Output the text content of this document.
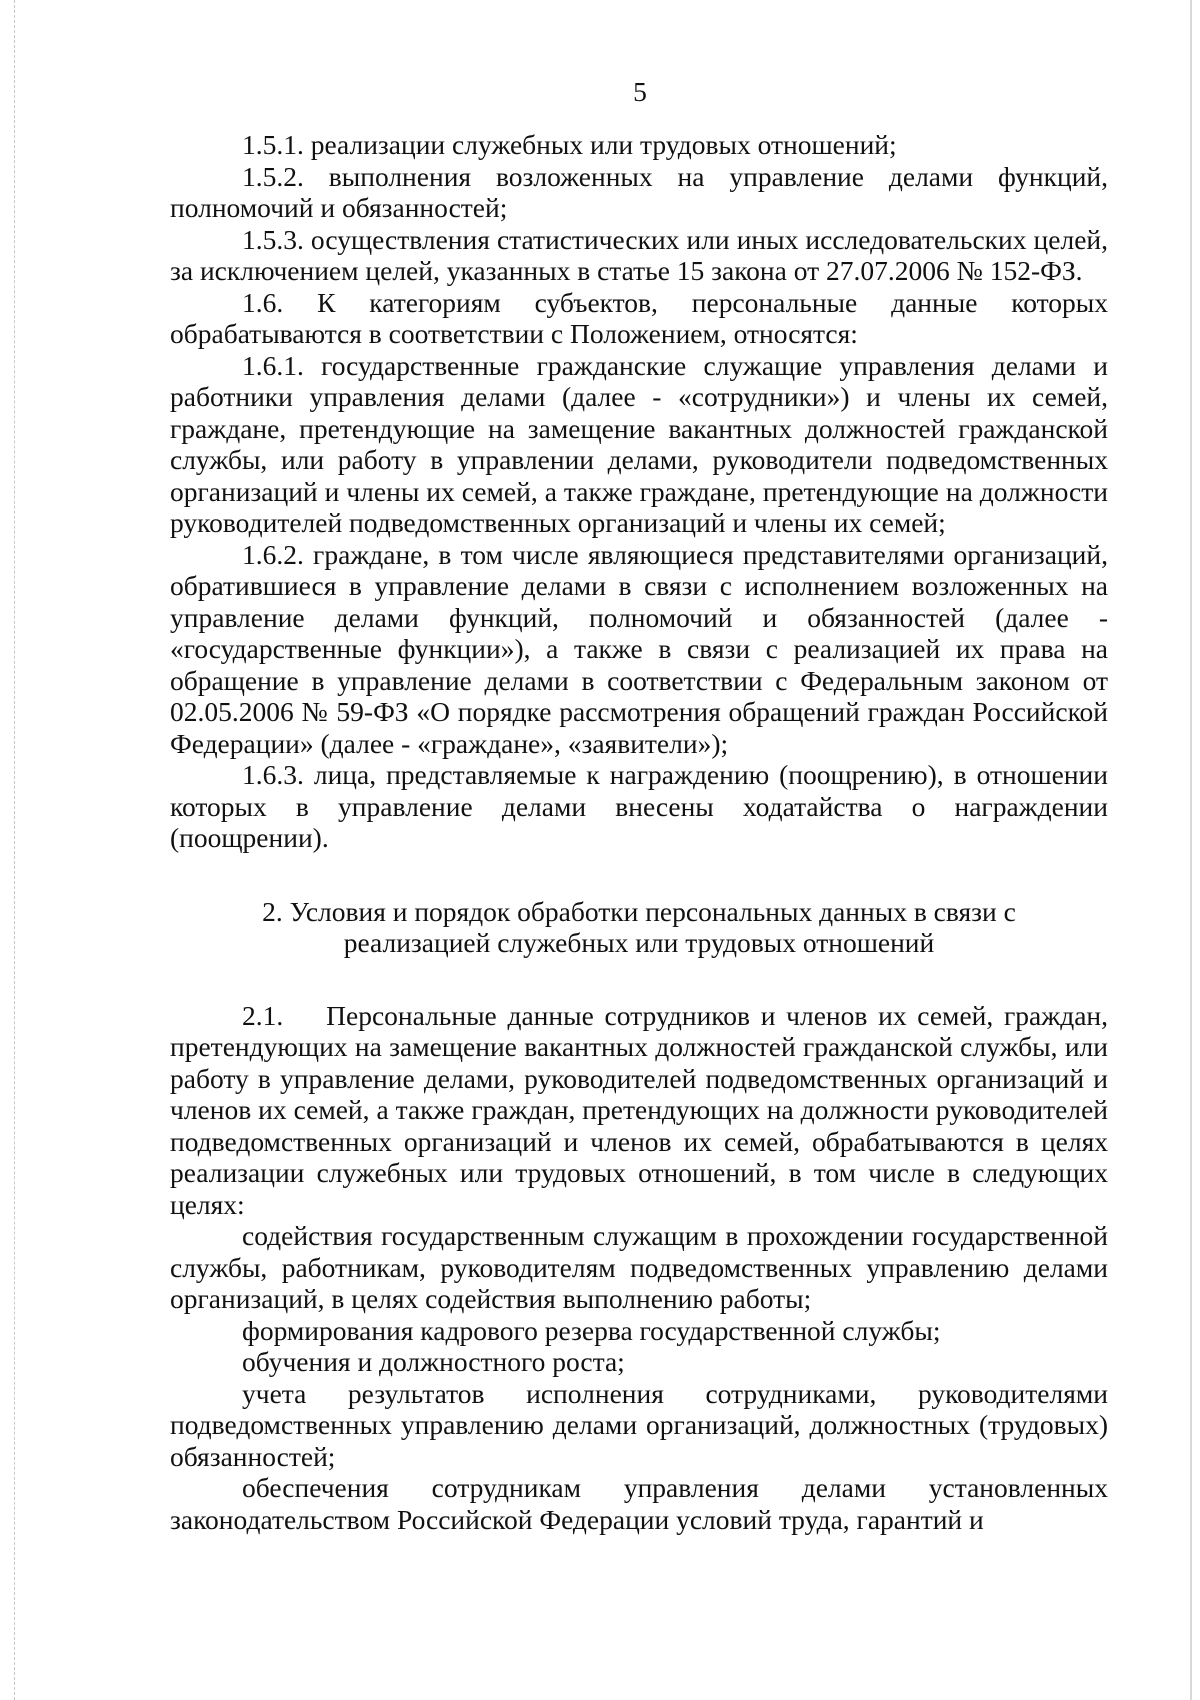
5

1.5.1. реализации служебных или трудовых отношений;

1.5.2. выполнения возложенных на управление делами функций, полномочий и обязанностей;

1.5.3. осуществления статистических или иных исследовательских целей, за исключением целей, указанных в статье 15 закона от 27.07.2006 № 152-ФЗ.

1.6. К категориям субъектов, персональные данные которых обрабатываются в соответствии с Положением, относятся:

1.6.1. государственные гражданские служащие управления делами и работники управления делами (далее - «сотрудники») и члены их семей, граждане, претендующие на замещение вакантных должностей гражданской службы, или работу в управлении делами, руководители подведомственных организаций и члены их семей, а также граждане, претендующие на должности руководителей подведомственных организаций и члены их семей;

1.6.2. граждане, в том числе являющиеся представителями организаций, обратившиеся в управление делами в связи с исполнением возложенных на управление делами функций, полномочий и обязанностей (далее - «государственные функции»), а также в связи с реализацией их права на обращение в управление делами в соответствии с Федеральным законом от 02.05.2006 № 59-ФЗ «О порядке рассмотрения обращений граждан Российской Федерации» (далее - «граждане», «заявители»);

1.6.3. лица, представляемые к награждению (поощрению), в отношении которых в управление делами внесены ходатайства о награждении (поощрении).

2. Условия и порядок обработки персональных данных в связи с
реализацией служебных или трудовых отношений

2.1.    Персональные данные сотрудников и членов их семей, граждан, претендующих на замещение вакантных должностей гражданской службы, или работу в управление делами, руководителей подведомственных организаций и членов их семей, а также граждан, претендующих на должности руководителей подведомственных организаций и членов их семей, обрабатываются в целях реализации служебных или трудовых отношений, в том числе в следующих целях:

содействия государственным служащим в прохождении государственной службы, работникам, руководителям подведомственных управлению делами организаций, в целях содействия выполнению работы;

формирования кадрового резерва государственной службы;

обучения и должностного роста;

учета результатов исполнения сотрудниками, руководителями подведомственных управлению делами организаций, должностных (трудовых) обязанностей;

обеспечения сотрудникам управления делами установленных законодательством Российской Федерации условий труда, гарантий и
